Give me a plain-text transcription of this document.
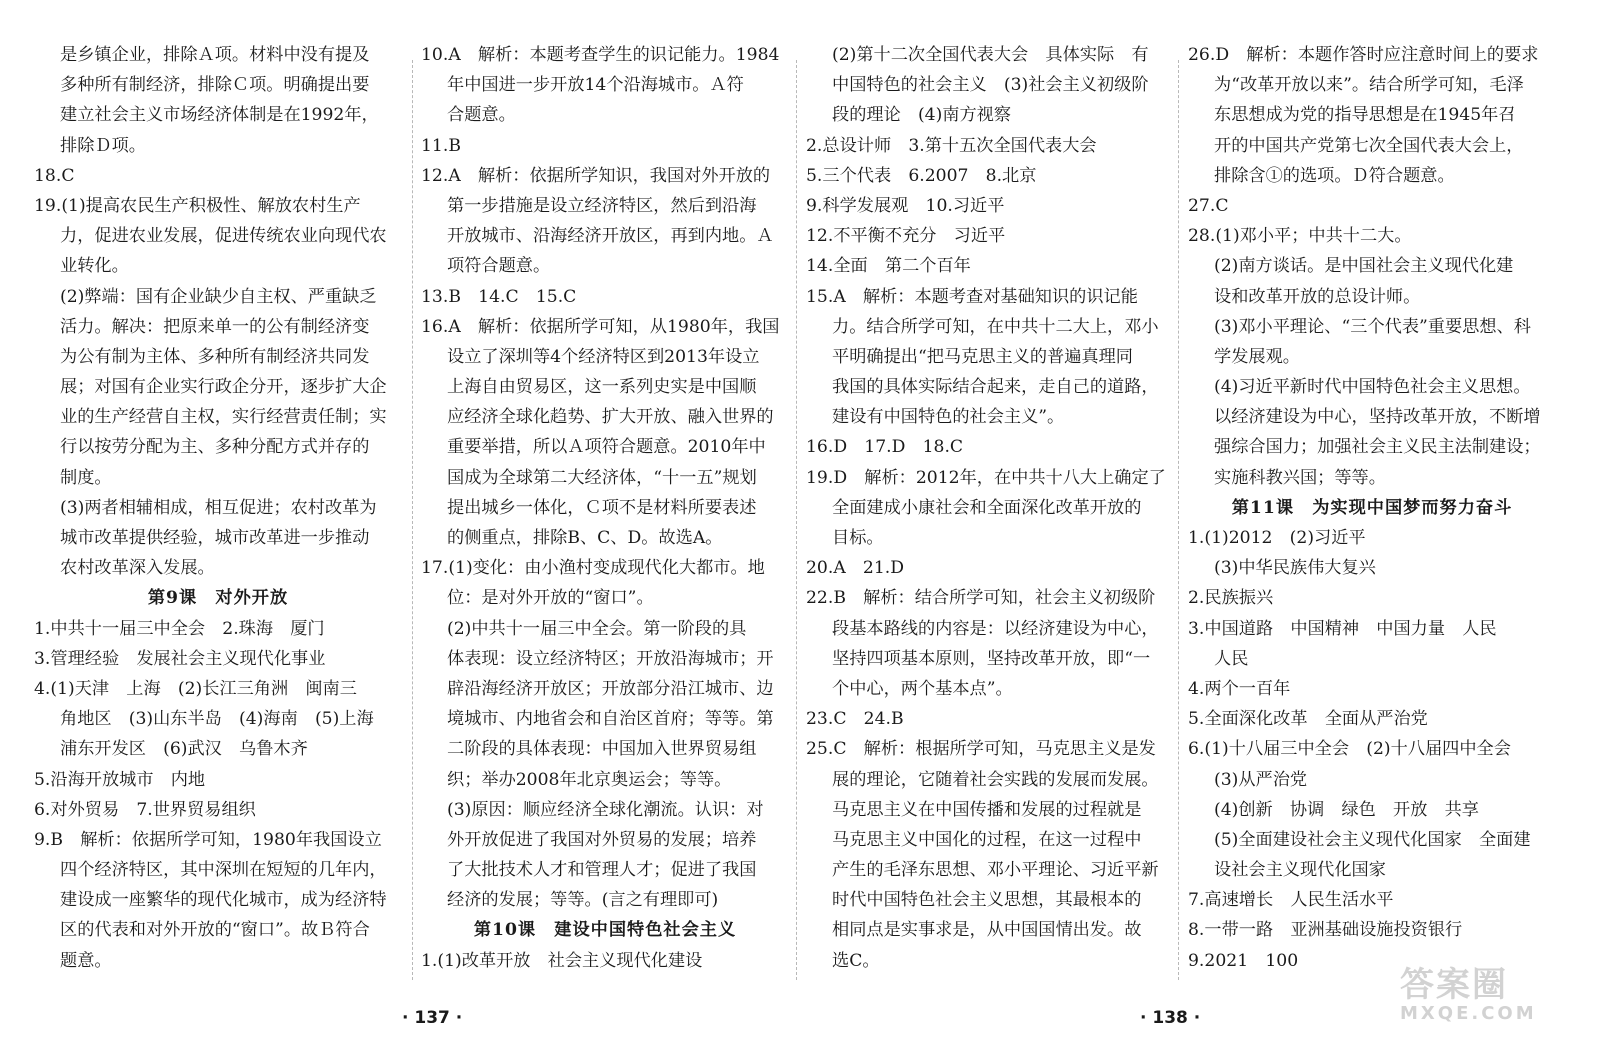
是乡镇企业，排除Ａ项。材料中没有提及
多种所有制经济，排除Ｃ项。明确提出要
建立社会主义市场经济体制是在1992年，
排除Ｄ项。
18.C
19.(1)提高农民生产积极性、解放农村生产
力，促进农业发展，促进传统农业向现代农
业转化。
(2)弊端：国有企业缺少自主权、严重缺乏
活力。解决：把原来单一的公有制经济变
为公有制为主体、多种所有制经济共同发
展；对国有企业实行政企分开，逐步扩大企
业的生产经营自主权，实行经营责任制；实
行以按劳分配为主、多种分配方式并存的
制度。
(3)两者相辅相成，相互促进；农村改革为
城市改革提供经验，城市改革进一步推动
农村改革深入发展。
第9课　对外开放
1.中共十一届三中全会　2.珠海　厦门
3.管理经验　发展社会主义现代化事业
4.(1)天津　上海　(2)长江三角洲　闽南三
角地区　(3)山东半岛　(4)海南　(5)上海
浦东开发区　(6)武汉　乌鲁木齐
5.沿海开放城市　内地
6.对外贸易　7.世界贸易组织
9.B　解析：依据所学可知，1980年我国设立
四个经济特区，其中深圳在短短的几年内，
建设成一座繁华的现代化城市，成为经济特
区的代表和对外开放的“窗口”。故Ｂ符合
题意。
10.A　解析：本题考查学生的识记能力。1984
年中国进一步开放14个沿海城市。Ａ符
合题意。
11.B
12.A　解析：依据所学知识，我国对外开放的
第一步措施是设立经济特区，然后到沿海
开放城市、沿海经济开放区，再到内地。Ａ
项符合题意。
13.B　14.C　15.C
16.A　解析：依据所学可知，从1980年，我国
设立了深圳等4个经济特区到2013年设立
上海自由贸易区，这一系列史实是中国顺
应经济全球化趋势、扩大开放、融入世界的
重要举措，所以Ａ项符合题意。2010年中
国成为全球第二大经济体，“十一五”规划
提出城乡一体化，Ｃ项不是材料所要表述
的侧重点，排除B、C、D。故选A。
17.(1)变化：由小渔村变成现代化大都市。地
位：是对外开放的“窗口”。
(2)中共十一届三中全会。第一阶段的具
体表现：设立经济特区；开放沿海城市；开
辟沿海经济开放区；开放部分沿江城市、边
境城市、内地省会和自治区首府；等等。第
二阶段的具体表现：中国加入世界贸易组
织；举办2008年北京奥运会；等等。
(3)原因：顺应经济全球化潮流。认识：对
外开放促进了我国对外贸易的发展；培养
了大批技术人才和管理人才；促进了我国
经济的发展；等等。(言之有理即可)
第10课　建设中国特色社会主义
1.(1)改革开放　社会主义现代化建设
(2)第十二次全国代表大会　具体实际　有
中国特色的社会主义　(3)社会主义初级阶
段的理论　(4)南方视察
2.总设计师　3.第十五次全国代表大会
5.三个代表　6.2007　8.北京
9.科学发展观　10.习近平
12.不平衡不充分　习近平
14.全面　第二个百年
15.A　解析：本题考查对基础知识的识记能
力。结合所学可知，在中共十二大上，邓小
平明确提出“把马克思主义的普遍真理同
我国的具体实际结合起来，走自己的道路，
建设有中国特色的社会主义”。
16.D　17.D　18.C
19.D　解析：2012年，在中共十八大上确定了
全面建成小康社会和全面深化改革开放的
目标。
20.A　21.D
22.B　解析：结合所学可知，社会主义初级阶
段基本路线的内容是：以经济建设为中心，
坚持四项基本原则，坚持改革开放，即“一
个中心，两个基本点”。
23.C　24.B
25.C　解析：根据所学可知，马克思主义是发
展的理论，它随着社会实践的发展而发展。
马克思主义在中国传播和发展的过程就是
马克思主义中国化的过程，在这一过程中
产生的毛泽东思想、邓小平理论、习近平新
时代中国特色社会主义思想，其最根本的
相同点是实事求是，从中国国情出发。故
选C。
26.D　解析：本题作答时应注意时间上的要求
为“改革开放以来”。结合所学可知，毛泽
东思想成为党的指导思想是在1945年召
开的中国共产党第七次全国代表大会上，
排除含①的选项。Ｄ符合题意。
27.C
28.(1)邓小平；中共十二大。
(2)南方谈话。是中国社会主义现代化建
设和改革开放的总设计师。
(3)邓小平理论、“三个代表”重要思想、科
学发展观。
(4)习近平新时代中国特色社会主义思想。
以经济建设为中心，坚持改革开放，不断增
强综合国力；加强社会主义民主法制建设；
实施科教兴国；等等。
第11课　为实现中国梦而努力奋斗
1.(1)2012　(2)习近平
(3)中华民族伟大复兴
2.民族振兴
3.中国道路　中国精神　中国力量　人民
人民
4.两个一百年
5.全面深化改革　全面从严治党
6.(1)十八届三中全会　(2)十八届四中全会
(3)从严治党
(4)创新　协调　绿色　开放　共享
(5)全面建设社会主义现代化国家　全面建
设社会主义现代化国家
7.高速增长　人民生活水平
8.一带一路　亚洲基础设施投资银行
9.2021　100
· 137 ·	· 138 ·
答案圈
MXQE.COM
